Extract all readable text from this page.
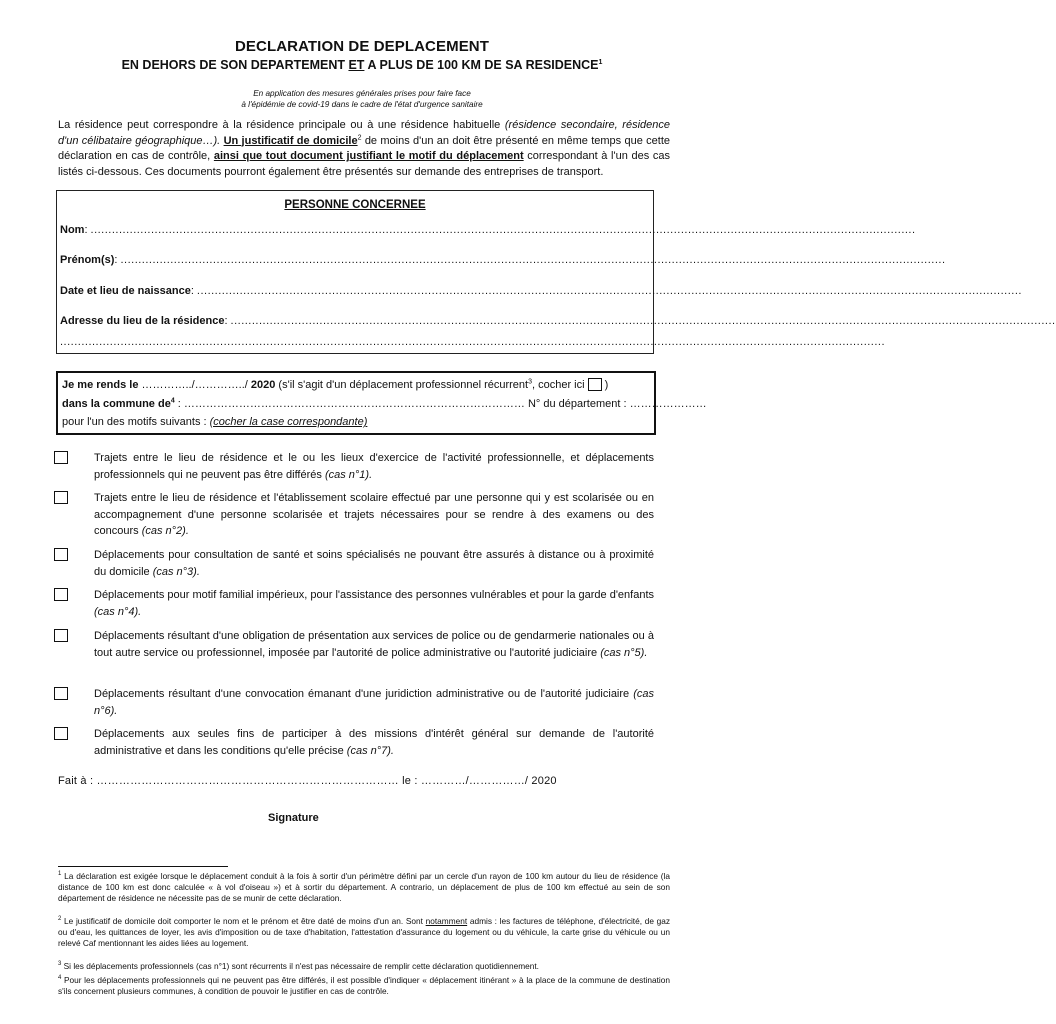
DECLARATION DE DEPLACEMENT
EN DEHORS DE SON DEPARTEMENT ET A PLUS DE 100 KM DE SA RESIDENCE$^1$
En application des mesures générales prises pour faire face
à l'épidémie de covid-19 dans le cadre de l'état d'urgence sanitaire
La résidence peut correspondre à la résidence principale ou à une résidence habituelle (résidence secondaire, résidence d'un célibataire géographique…). Un justificatif de domicile$^2$ de moins d'un an doit être présenté en même temps que cette déclaration en cas de contrôle, ainsi que tout document justifiant le motif du déplacement correspondant à l'un des cas listés ci-dessous. Ces documents pourront également être présentés sur demande des entreprises de transport.
PERSONNE CONCERNEE
Nom : ........................................................................................................................................................................................................................................
Prénom(s) : ........................................................................................................................................................................................................................................
Date et lieu de naissance : ........................................................................................................................................................................................................................................
Adresse du lieu de la résidence : ........................................................................................................................................................................................................................................
........................................................................................................................................................................................................................................
Je me rends le …………../…………../ 2020 (s'il s'agit d'un déplacement professionnel récurrent$^3$, cocher ici )
dans la commune $de^4$ : ………………………………………………………………………………… N° du département : …………………
pour l'un des motifs suivants : (cocher la case correspondante)
Trajets entre le lieu de résidence et le ou les lieux d'exercice de l'activité professionnelle, et déplacements professionnels qui ne peuvent pas être différés (cas n°1).
Trajets entre le lieu de résidence et l'établissement scolaire effectué par une personne qui y est scolarisée ou en accompagnement d'une personne scolarisée et trajets nécessaires pour se rendre à des examens ou des concours (cas n°2).
Déplacements pour consultation de santé et soins spécialisés ne pouvant être assurés à distance ou à proximité du domicile (cas n°3).
Déplacements pour motif familial impérieux, pour l'assistance des personnes vulnérables et pour la garde d'enfants (cas n°4).
Déplacements résultant d'une obligation de présentation aux services de police ou de gendarmerie nationales ou à tout autre service ou professionnel, imposée par l'autorité de police administrative ou l'autorité judiciaire (cas n°5).
Déplacements résultant d'une convocation émanant d'une juridiction administrative ou de l'autorité judiciaire (cas n°6).
Déplacements aux seules fins de participer à des missions d'intérêt général sur demande de l'autorité administrative et dans les conditions qu'elle précise (cas n°7).
Fait à : ……………………………………………………………………… le : …………/……………/ 2020
Signature
$^1$ La déclaration est exigée lorsque le déplacement conduit à la fois à sortir d'un périmètre défini par un cercle d'un rayon de 100 km autour du lieu de résidence (la distance de 100 km est donc calculée « à vol d'oiseau ») et à sortir du département. A contrario, un déplacement de plus de 100 km effectué au sein de son département de résidence ne nécessite pas de se munir de cette déclaration.
$^2$ Le justificatif de domicile doit comporter le nom et le prénom et être daté de moins d'un an. Sont notamment admis : les factures de téléphone, d'électricité, de gaz ou d'eau, les quittances de loyer, les avis d'imposition ou de taxe d'habitation, l'attestation d'assurance du logement ou du véhicule, la carte grise du véhicule ou un relevé Caf mentionnant les aides liées au logement.
$^3$ Si les déplacements professionnels (cas n°1) sont récurrents il n'est pas nécessaire de remplir cette déclaration quotidiennement.
$^4$ Pour les déplacements professionnels qui ne peuvent pas être différés, il est possible d'indiquer « déplacement itinérant » à la place de la commune de destination s'ils concernent plusieurs communes, à condition de pouvoir le justifier en cas de contrôle.
